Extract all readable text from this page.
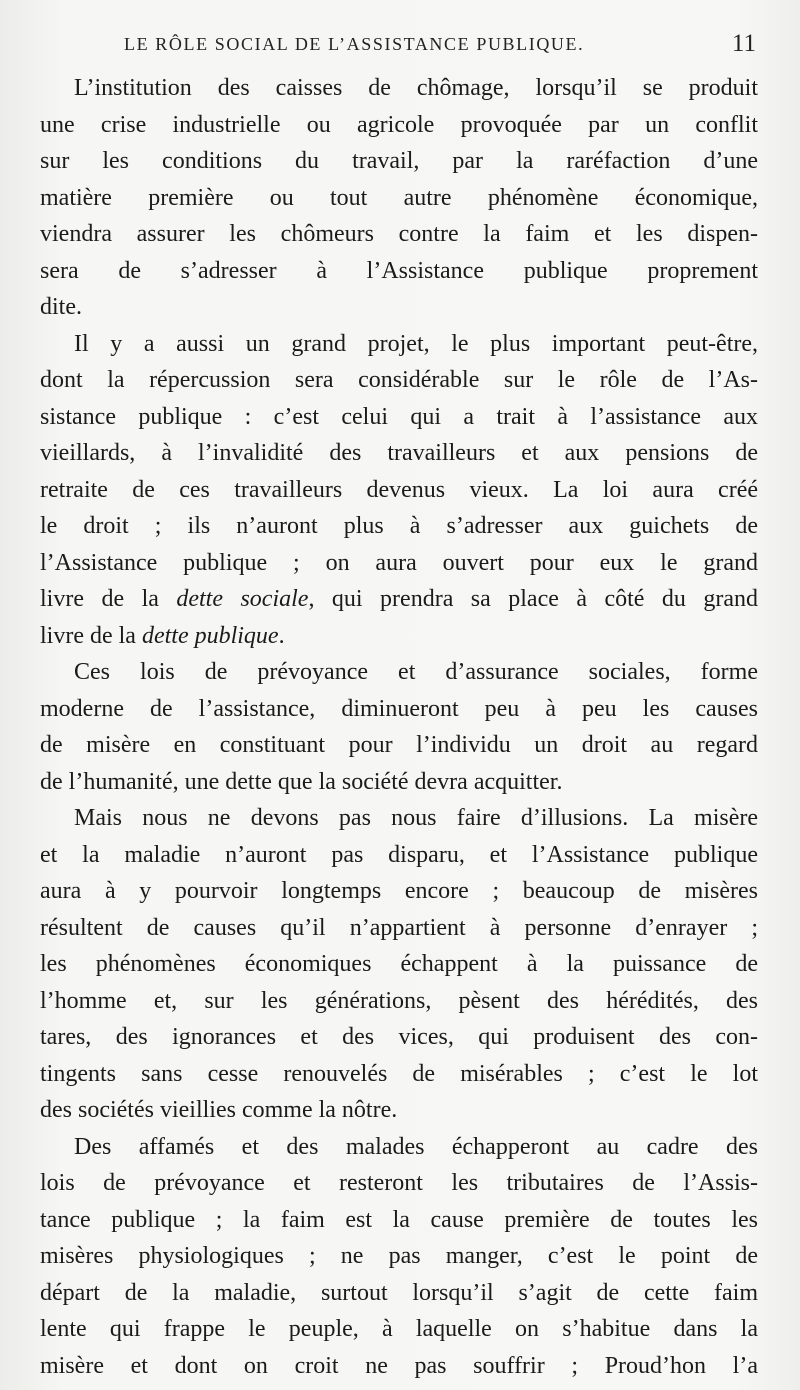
LE RÔLE SOCIAL DE L’ASSISTANCE PUBLIQUE.	11
L’institution des caisses de chômage, lorsqu’il se produit
une crise industrielle ou agricole provoquée par un conflit
sur les conditions du travail, par la raréfaction d’une
matière première ou tout autre phénomène économique,
viendra assurer les chômeurs contre la faim et les dispen-
sera de s’adresser à l’Assistance publique proprement
dite.
Il y a aussi un grand projet, le plus important peut-être,
dont la répercussion sera considérable sur le rôle de l’As-
sistance publique : c’est celui qui a trait à l’assistance aux
vieillards, à l’invalidité des travailleurs et aux pensions de
retraite de ces travailleurs devenus vieux. La loi aura créé
le droit ; ils n’auront plus à s’adresser aux guichets de
l’Assistance publique ; on aura ouvert pour eux le grand
livre de la dette sociale, qui prendra sa place à côté du grand
livre de la dette publique.
Ces lois de prévoyance et d’assurance sociales, forme
moderne de l’assistance, diminueront peu à peu les causes
de misère en constituant pour l’individu un droit au regard
de l’humanité, une dette que la société devra acquitter.
Mais nous ne devons pas nous faire d’illusions. La misère
et la maladie n’auront pas disparu, et l’Assistance publique
aura à y pourvoir longtemps encore ; beaucoup de misères
résultent de causes qu’il n’appartient à personne d’enrayer ;
les phénomènes économiques échappent à la puissance de
l’homme et, sur les générations, pèsent des hérédités, des
tares, des ignorances et des vices, qui produisent des con-
tingents sans cesse renouvelés de misérables ; c’est le lot
des sociétés vieillies comme la nôtre.
Des affamés et des malades échapperont au cadre des
lois de prévoyance et resteront les tributaires de l’Assis-
tance publique ; la faim est la cause première de toutes les
misères physiologiques ; ne pas manger, c’est le point de
départ de la maladie, surtout lorsqu’il s’agit de cette faim
lente qui frappe le peuple, à laquelle on s’habitue dans la
misère et dont on croit ne pas souffrir ; Proud’hon l’a
